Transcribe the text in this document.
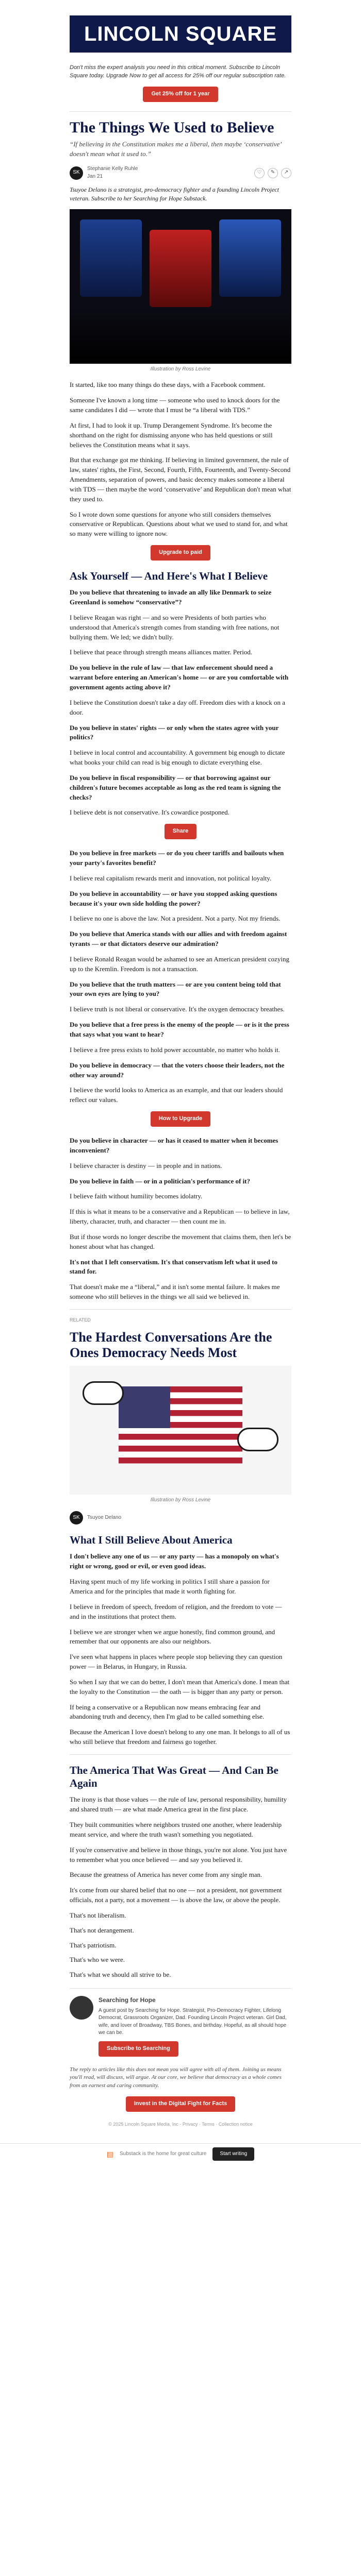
LINCOLN SQUARE
Don't miss the expert analysis you need in this critical moment. Subscribe to Lincoln Square today. Upgrade Now to get all access for 25% off our regular subscription rate.
Get 25% off for 1 year
The Things We Used to Believe
“If believing in the Constitution makes me a liberal, then maybe ‘conservative’ doesn't mean what it used to.”
SK
Stephanie Kelly Ruhle
Jan 21
♡	✎	↗

Tsuyoe Delano is a strategist, pro-democracy fighter and a founding Lincoln Project veteran. Subscribe to her Searching for Hope Substack.

Illustration by Ross Levine

It started, like too many things do these days, with a Facebook comment.

Someone I've known a long time — someone who used to knock doors for the same candidates I did — wrote that I must be “a liberal with TDS.”

At first, I had to look it up. Trump Derangement Syndrome. It's become the shorthand on the right for dismissing anyone who has held questions or still believes the Constitution means what it says.

But that exchange got me thinking. If believing in limited government, the rule of law, states' rights, the First, Second, Fourth, Fifth, Fourteenth, and Twenty-Second Amendments, separation of powers, and basic decency makes someone a liberal with TDS — then maybe the word ‘conservative’ and Republican don't mean what they used to.

So I wrote down some questions for anyone who still considers themselves conservative or Republican. Questions about what we used to stand for, and what so many were willing to ignore now.

Upgrade to paid
Ask Yourself — And Here's What I Believe

Do you believe that threatening to invade an ally like Denmark to seize Greenland is somehow “conservative”?

I believe Reagan was right — and so were Presidents of both parties who understood that America's strength comes from standing with free nations, not bullying them. We led; we didn't bully.

I believe that peace through strength means alliances matter. Period.

Do you believe in the rule of law — that law enforcement should need a warrant before entering an American's home — or are you comfortable with government agents acting above it?

I believe the Constitution doesn't take a day off. Freedom dies with a knock on a door.

Do you believe in states' rights — or only when the states agree with your politics?

I believe in local control and accountability. A government big enough to dictate what books your child can read is big enough to dictate everything else.

Do you believe in fiscal responsibility — or that borrowing against our children's future becomes acceptable as long as the red team is signing the checks?

I believe debt is not conservative. It's cowardice postponed.

Share

Do you believe in free markets — or do you cheer tariffs and bailouts when your party's favorites benefit?

I believe real capitalism rewards merit and innovation, not political loyalty.

Do you believe in accountability — or have you stopped asking questions because it's your own side holding the power?

I believe no one is above the law. Not a president. Not a party. Not my friends.

Do you believe that America stands with our allies and with freedom against tyrants — or that dictators deserve our admiration?

I believe Ronald Reagan would be ashamed to see an American president cozying up to the Kremlin. Freedom is not a transaction.

Do you believe that the truth matters — or are you content being told that your own eyes are lying to you?

I believe truth is not liberal or conservative. It's the oxygen democracy breathes.

Do you believe that a free press is the enemy of the people — or is it the press that says what you want to hear?

I believe a free press exists to hold power accountable, no matter who holds it.

Do you believe in democracy — that the voters choose their leaders, not the other way around?

I believe the world looks to America as an example, and that our leaders should reflect our values.

How to Upgrade

Do you believe in character — or has it ceased to matter when it becomes inconvenient?

I believe character is destiny — in people and in nations.

Do you believe in faith — or in a politician's performance of it?

I believe faith without humility becomes idolatry.

If this is what it means to be a conservative and a Republican — to believe in law, liberty, character, truth, and character — then count me in.

But if those words no longer describe the movement that claims them, then let's be honest about what has changed.

It's not that I left conservatism. It's that conservatism left what it used to stand for.

That doesn't make me a “liberal,” and it isn't some mental failure. It makes me someone who still believes in the things we all said we believed in.

RELATED
The Hardest Conversations Are the Ones Democracy Needs Most
Illustration by Ross Levine
SK	Tsuyoe Delano
What I Still Believe About America

I don't believe any one of us — or any party — has a monopoly on what's right or wrong, good or evil, or even good ideas.

Having spent much of my life working in politics I still share a passion for America and for the principles that made it worth fighting for.

I believe in freedom of speech, freedom of religion, and the freedom to vote — and in the institutions that protect them.

I believe we are stronger when we argue honestly, find common ground, and remember that our opponents are also our neighbors.

I've seen what happens in places where people stop believing they can question power — in Belarus, in Hungary, in Russia.

So when I say that we can do better, I don't mean that America's done. I mean that the loyalty to the Constitution — the oath — is bigger than any party or person.

If being a conservative or a Republican now means embracing fear and abandoning truth and decency, then I'm glad to be called something else.

Because the American I love doesn't belong to any one man. It belongs to all of us who still believe that freedom and fairness go together.

The America That Was Great — And Can Be Again

The irony is that those values — the rule of law, personal responsibility, humility and shared truth — are what made America great in the first place.

They built communities where neighbors trusted one another, where leadership meant service, and where the truth wasn't something you negotiated.

If you're conservative and believe in those things, you're not alone. You just have to remember what you once believed — and say you believed it.

Because the greatness of America has never come from any single man.

It's come from our shared belief that no one — not a president, not government officials, not a party, not a movement — is above the law, or above the people.

That's not liberalism.

That's not derangement.

That's patriotism.

That's who we were.

That's what we should all strive to be.

Searching for Hope
A guest post by Searching for Hope. Strategist, Pro-Democracy Fighter, Lifelong Democrat, Grassroots Organizer, Dad. Founding Lincoln Project veteran. Girl Dad, wife, and lover of Broadway, TBS Bones, and birthday. Hopeful, as all should hope we can be.
Subscribe to Searching

The reply to articles like this does not mean you will agree with all of them. Joining us means you'll read, will discuss, will argue. At our core, we believe that democracy as a whole comes from an earnest and caring community.

Invest in the Digital Fight for Facts
© 2025 Lincoln Square Media, Inc · Privacy · Terms · Collection notice
▤ Substack is the home for great culture	Start writing
